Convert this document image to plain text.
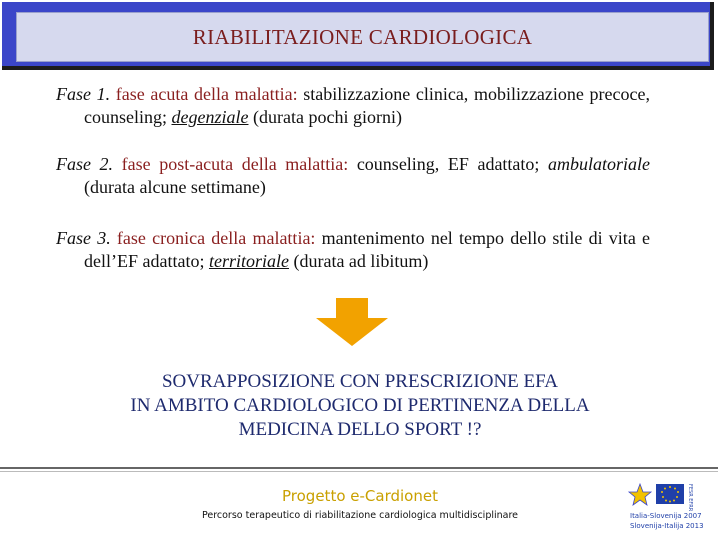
RIABILITAZIONE CARDIOLOGICA
Fase 1. fase acuta della malattia: stabilizzazione clinica, mobilizzazione precoce, counseling; degenziale (durata pochi giorni)
Fase 2. fase post-acuta della malattia: counseling, EF adattato; ambulatoriale (durata alcune settimane)
Fase 3. fase cronica della malattia: mantenimento nel tempo dello stile di vita e dell’EF adattato; territoriale (durata ad libitum)
SOVRAPPOSIZIONE CON PRESCRIZIONE EFA
IN AMBITO CARDIOLOGICO DI PERTINENZA DELLA
MEDICINA DELLO SPORT !?
Progetto e-Cardionet
Percorso terapeutico di riabilitazione cardiologica multidisciplinare
FESR EFRR
Italia-Slovenija 2007
Slovenija-Italija 2013
